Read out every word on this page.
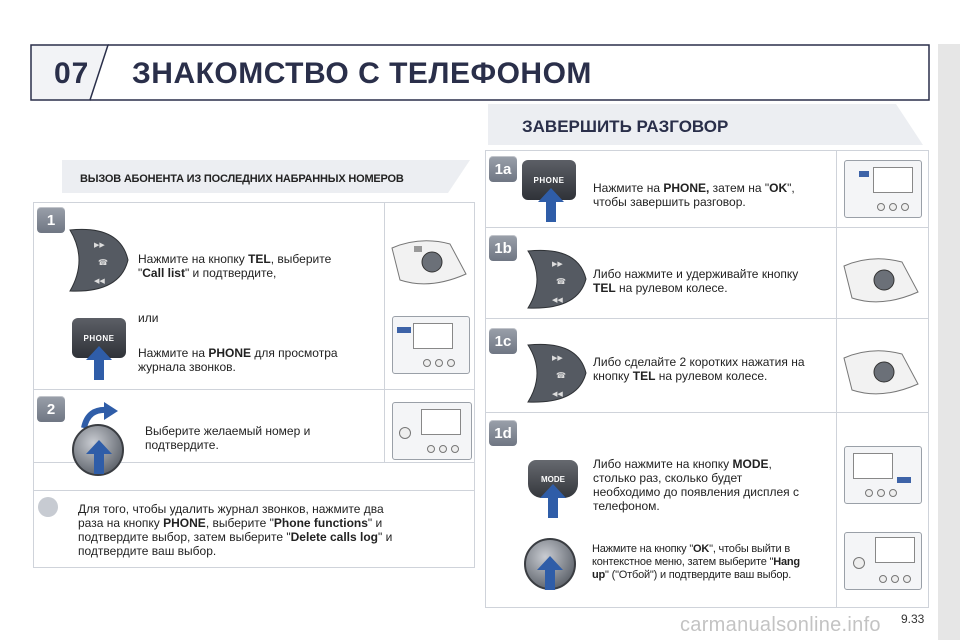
07 ЗНАКОМСТВО С ТЕЛЕФОНОМ
ВЫЗОВ АБОНЕНТА ИЗ ПОСЛЕДНИХ НАБРАННЫХ НОМЕРОВ
ЗАВЕРШИТЬ РАЗГОВОР
1
▶▶
☎
◀◀
Нажмите на кнопку TEL, выберите
"Call list" и подтвердите,
или
PHONE
Нажмите на PHONE для просмотра
журнала звонков.
2
Выберите желаемый номер и
подтвердите.
Для того, чтобы удалить журнал звонков, нажмите два
раза на кнопку PHONE, выберите "Phone functions" и
подтвердите выбор, затем выберите "Delete calls log" и
подтвердите ваш выбор.
1a
PHONE
Нажмите на PHONE, затем на "OK",
чтобы завершить разговор.
1b
▶▶
☎
◀◀
Либо нажмите и удерживайте кнопку
TEL на рулевом колесе.
1c
▶▶
☎
◀◀
Либо сделайте 2 коротких нажатия на
кнопку TEL на рулевом колесе.
1d
MODE
Либо нажмите на кнопку MODE,
столько раз, сколько будет
необходимо до появления дисплея с
телефоном.
Нажмите на кнопку "OK", чтобы выйти в
контекстное меню, затем выберите "Hang
up" ("Отбой") и подтвердите ваш выбор.
carmanualsonline.info 9.33
